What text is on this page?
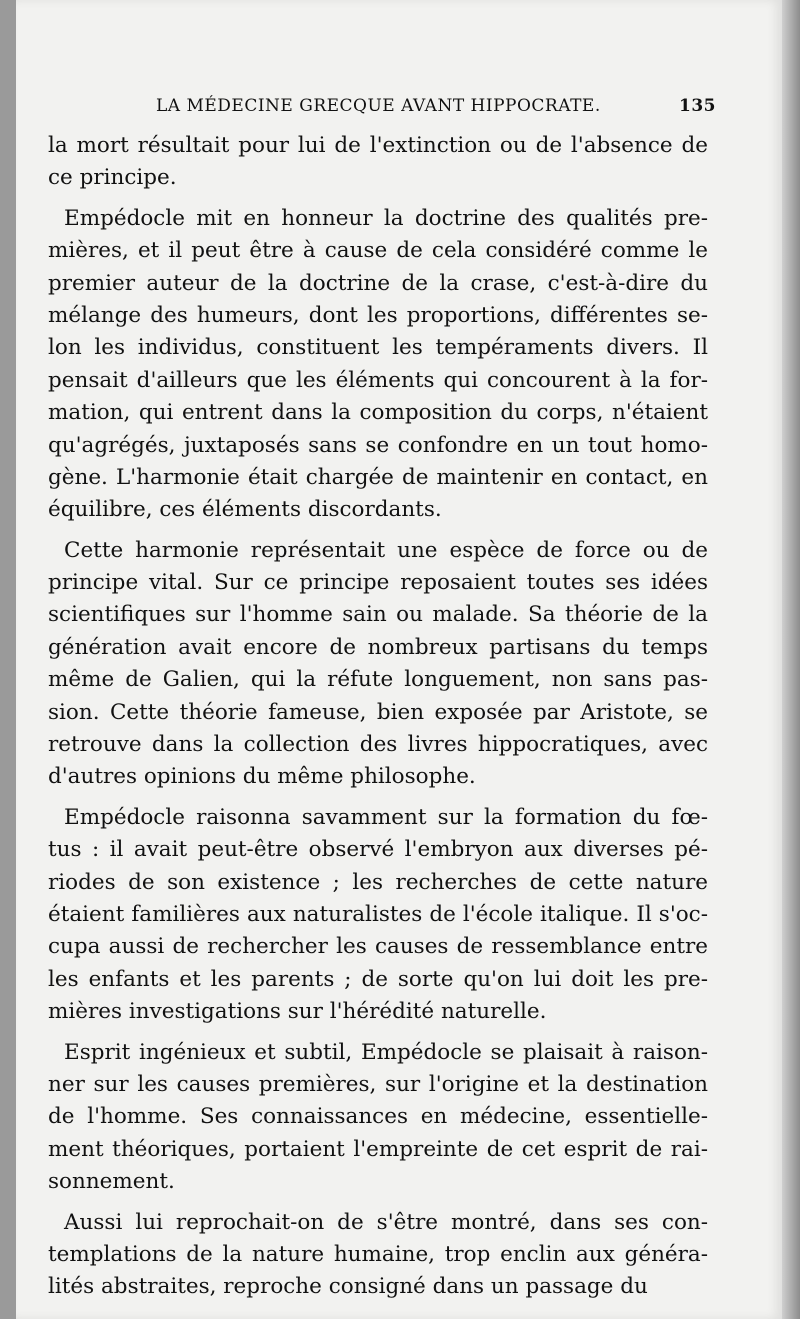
LA MÉDECINE GRECQUE AVANT HIPPOCRATE.	135
la mort résultait pour lui de l'extinction ou de l'absence de
ce principe.
Empédocle mit en honneur la doctrine des qualités pre-
mières, et il peut être à cause de cela considéré comme le
premier auteur de la doctrine de la crase, c'est-à-dire du
mélange des humeurs, dont les proportions, différentes se-
lon les individus, constituent les tempéraments divers. Il
pensait d'ailleurs que les éléments qui concourent à la for-
mation, qui entrent dans la composition du corps, n'étaient
qu'agrégés, juxtaposés sans se confondre en un tout homo-
gène. L'harmonie était chargée de maintenir en contact, en
équilibre, ces éléments discordants.
Cette harmonie représentait une espèce de force ou de
principe vital. Sur ce principe reposaient toutes ses idées
scientifiques sur l'homme sain ou malade. Sa théorie de la
génération avait encore de nombreux partisans du temps
même de Galien, qui la réfute longuement, non sans pas-
sion. Cette théorie fameuse, bien exposée par Aristote, se
retrouve dans la collection des livres hippocratiques, avec
d'autres opinions du même philosophe.
Empédocle raisonna savamment sur la formation du fœ-
tus : il avait peut-être observé l'embryon aux diverses pé-
riodes de son existence ; les recherches de cette nature
étaient familières aux naturalistes de l'école italique. Il s'oc-
cupa aussi de rechercher les causes de ressemblance entre
les enfants et les parents ; de sorte qu'on lui doit les pre-
mières investigations sur l'hérédité naturelle.
Esprit ingénieux et subtil, Empédocle se plaisait à raison-
ner sur les causes premières, sur l'origine et la destination
de l'homme. Ses connaissances en médecine, essentielle-
ment théoriques, portaient l'empreinte de cet esprit de rai-
sonnement.
Aussi lui reprochait-on de s'être montré, dans ses con-
templations de la nature humaine, trop enclin aux généra-
lités abstraites, reproche consigné dans un passage du
